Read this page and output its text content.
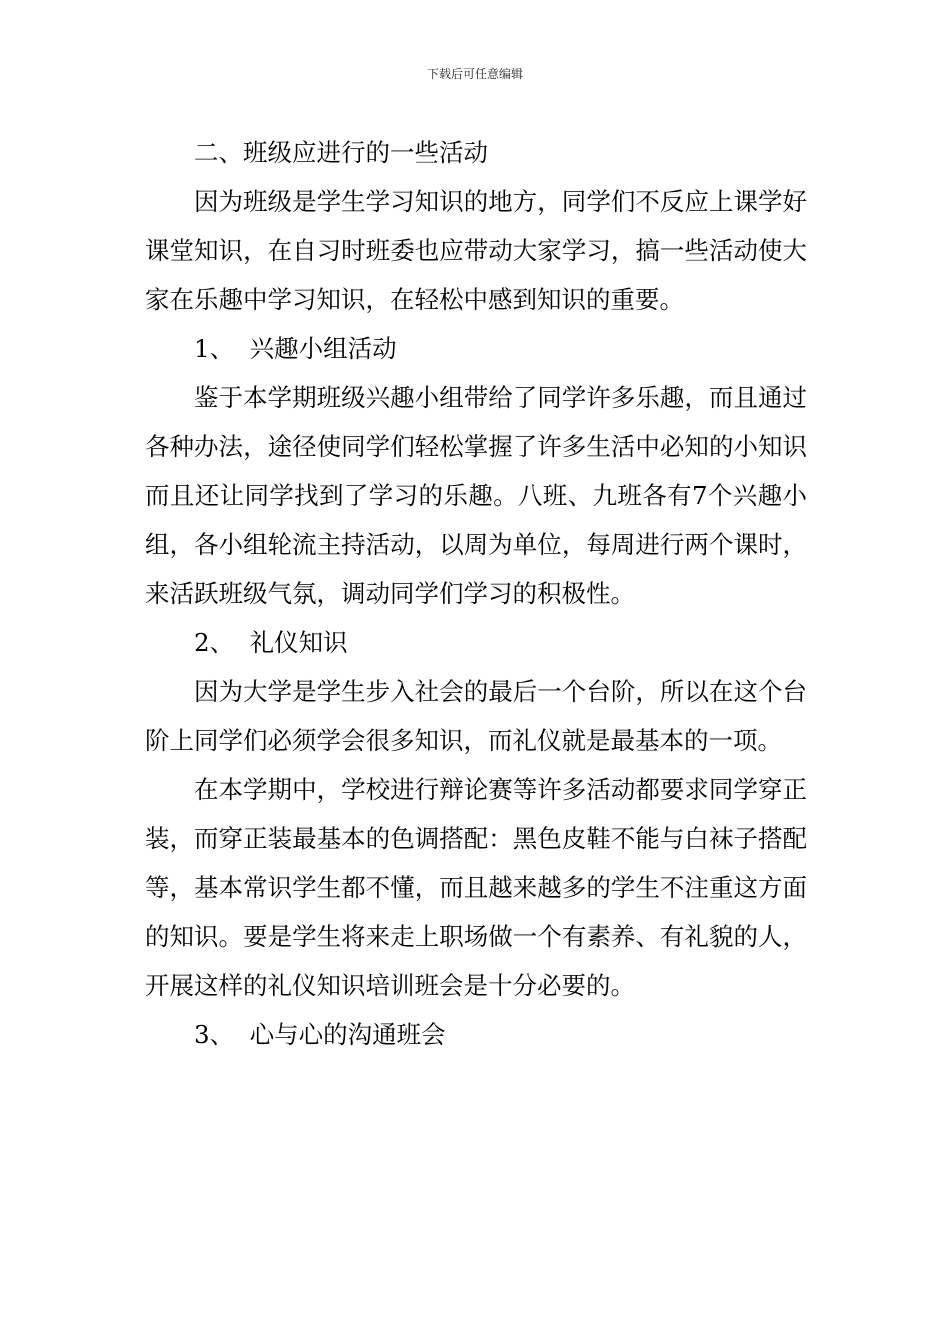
下载后可任意编辑

二、班级应进行的一些活动

因为班级是学生学习知识的地方，同学们不反应上课学好课堂知识，在自习时班委也应带动大家学习，搞一些活动使大家在乐趣中学习知识，在轻松中感到知识的重要。

1、  兴趣小组活动

鉴于本学期班级兴趣小组带给了同学许多乐趣，而且通过各种办法，途径使同学们轻松掌握了许多生活中必知的小知识而且还让同学找到了学习的乐趣。八班、九班各有7个兴趣小组，各小组轮流主持活动，以周为单位，每周进行两个课时，来活跃班级气氛，调动同学们学习的积极性。

2、  礼仪知识

因为大学是学生步入社会的最后一个台阶，所以在这个台阶上同学们必须学会很多知识，而礼仪就是最基本的一项。

在本学期中，学校进行辩论赛等许多活动都要求同学穿正装，而穿正装最基本的色调搭配：黑色皮鞋不能与白袜子搭配等，基本常识学生都不懂，而且越来越多的学生不注重这方面的知识。要是学生将来走上职场做一个有素养、有礼貌的人，开展这样的礼仪知识培训班会是十分必要的。

3、  心与心的沟通班会
